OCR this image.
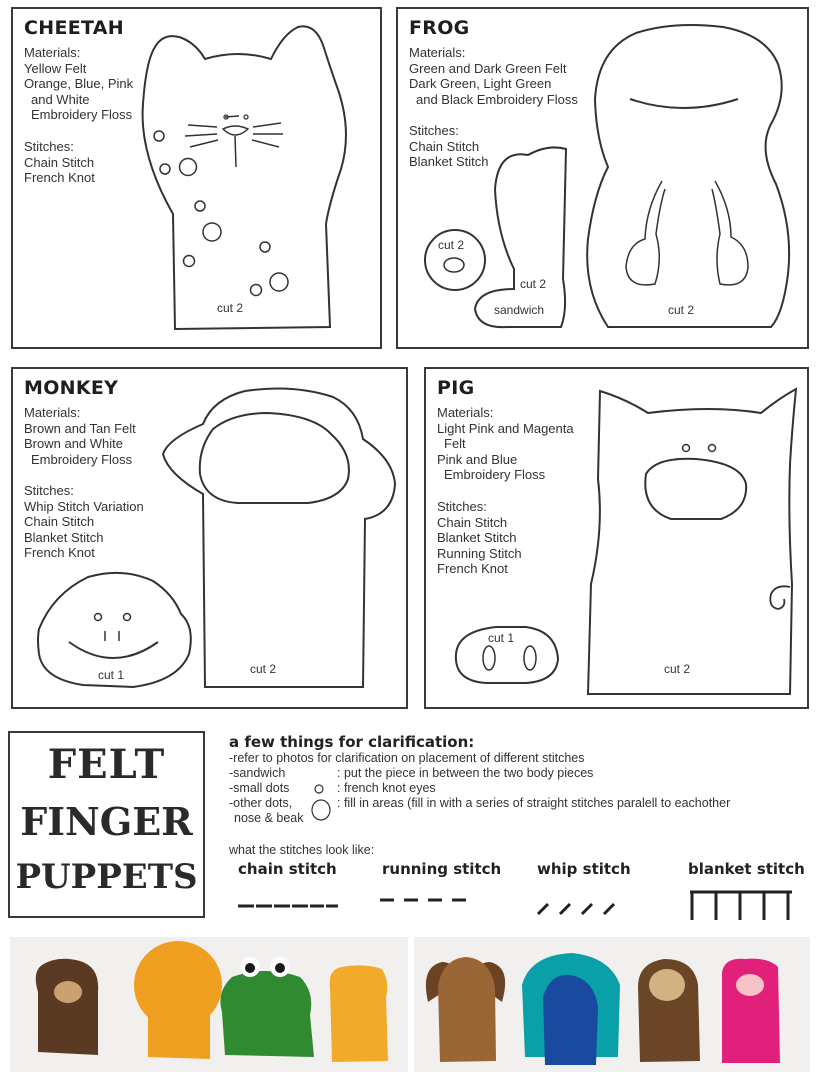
CHEETAH
Materials:
Yellow Felt
Orange, Blue, Pink
and White
Embroidery Floss
Stitches:
Chain Stitch
French Knot
cut 2
FROG
Materials:
Green and Dark Green Felt
Dark Green, Light Green
and Black Embroidery Floss
Stitches:
Chain Stitch
Blanket Stitch
cut 2
cut 2
sandwich	cut 2
MONKEY
Materials:
Brown and Tan Felt
Brown and White
Embroidery Floss
Stitches:
Whip Stitch Variation
Chain Stitch
Blanket Stitch
French Knot
cut 1	cut 2
PIG
Materials:
Light Pink and Magenta
Felt
Pink and Blue
Embroidery Floss
Stitches:
Chain Stitch
Blanket Stitch
Running Stitch
French Knot
cut 1
cut 2
FELT
FINGER
PUPPETS
a few things for clarification:
-refer to photos for clarification on placement of different stitches
-sandwich	: put the piece in between the two body pieces
-small dots	: french knot eyes
-other dots,	: fill in areas (fill in with a series of straight stitches paralell to eachother
nose & beak
what the stitches look like:
chain stitch	running stitch whip stitch	blanket stitch
